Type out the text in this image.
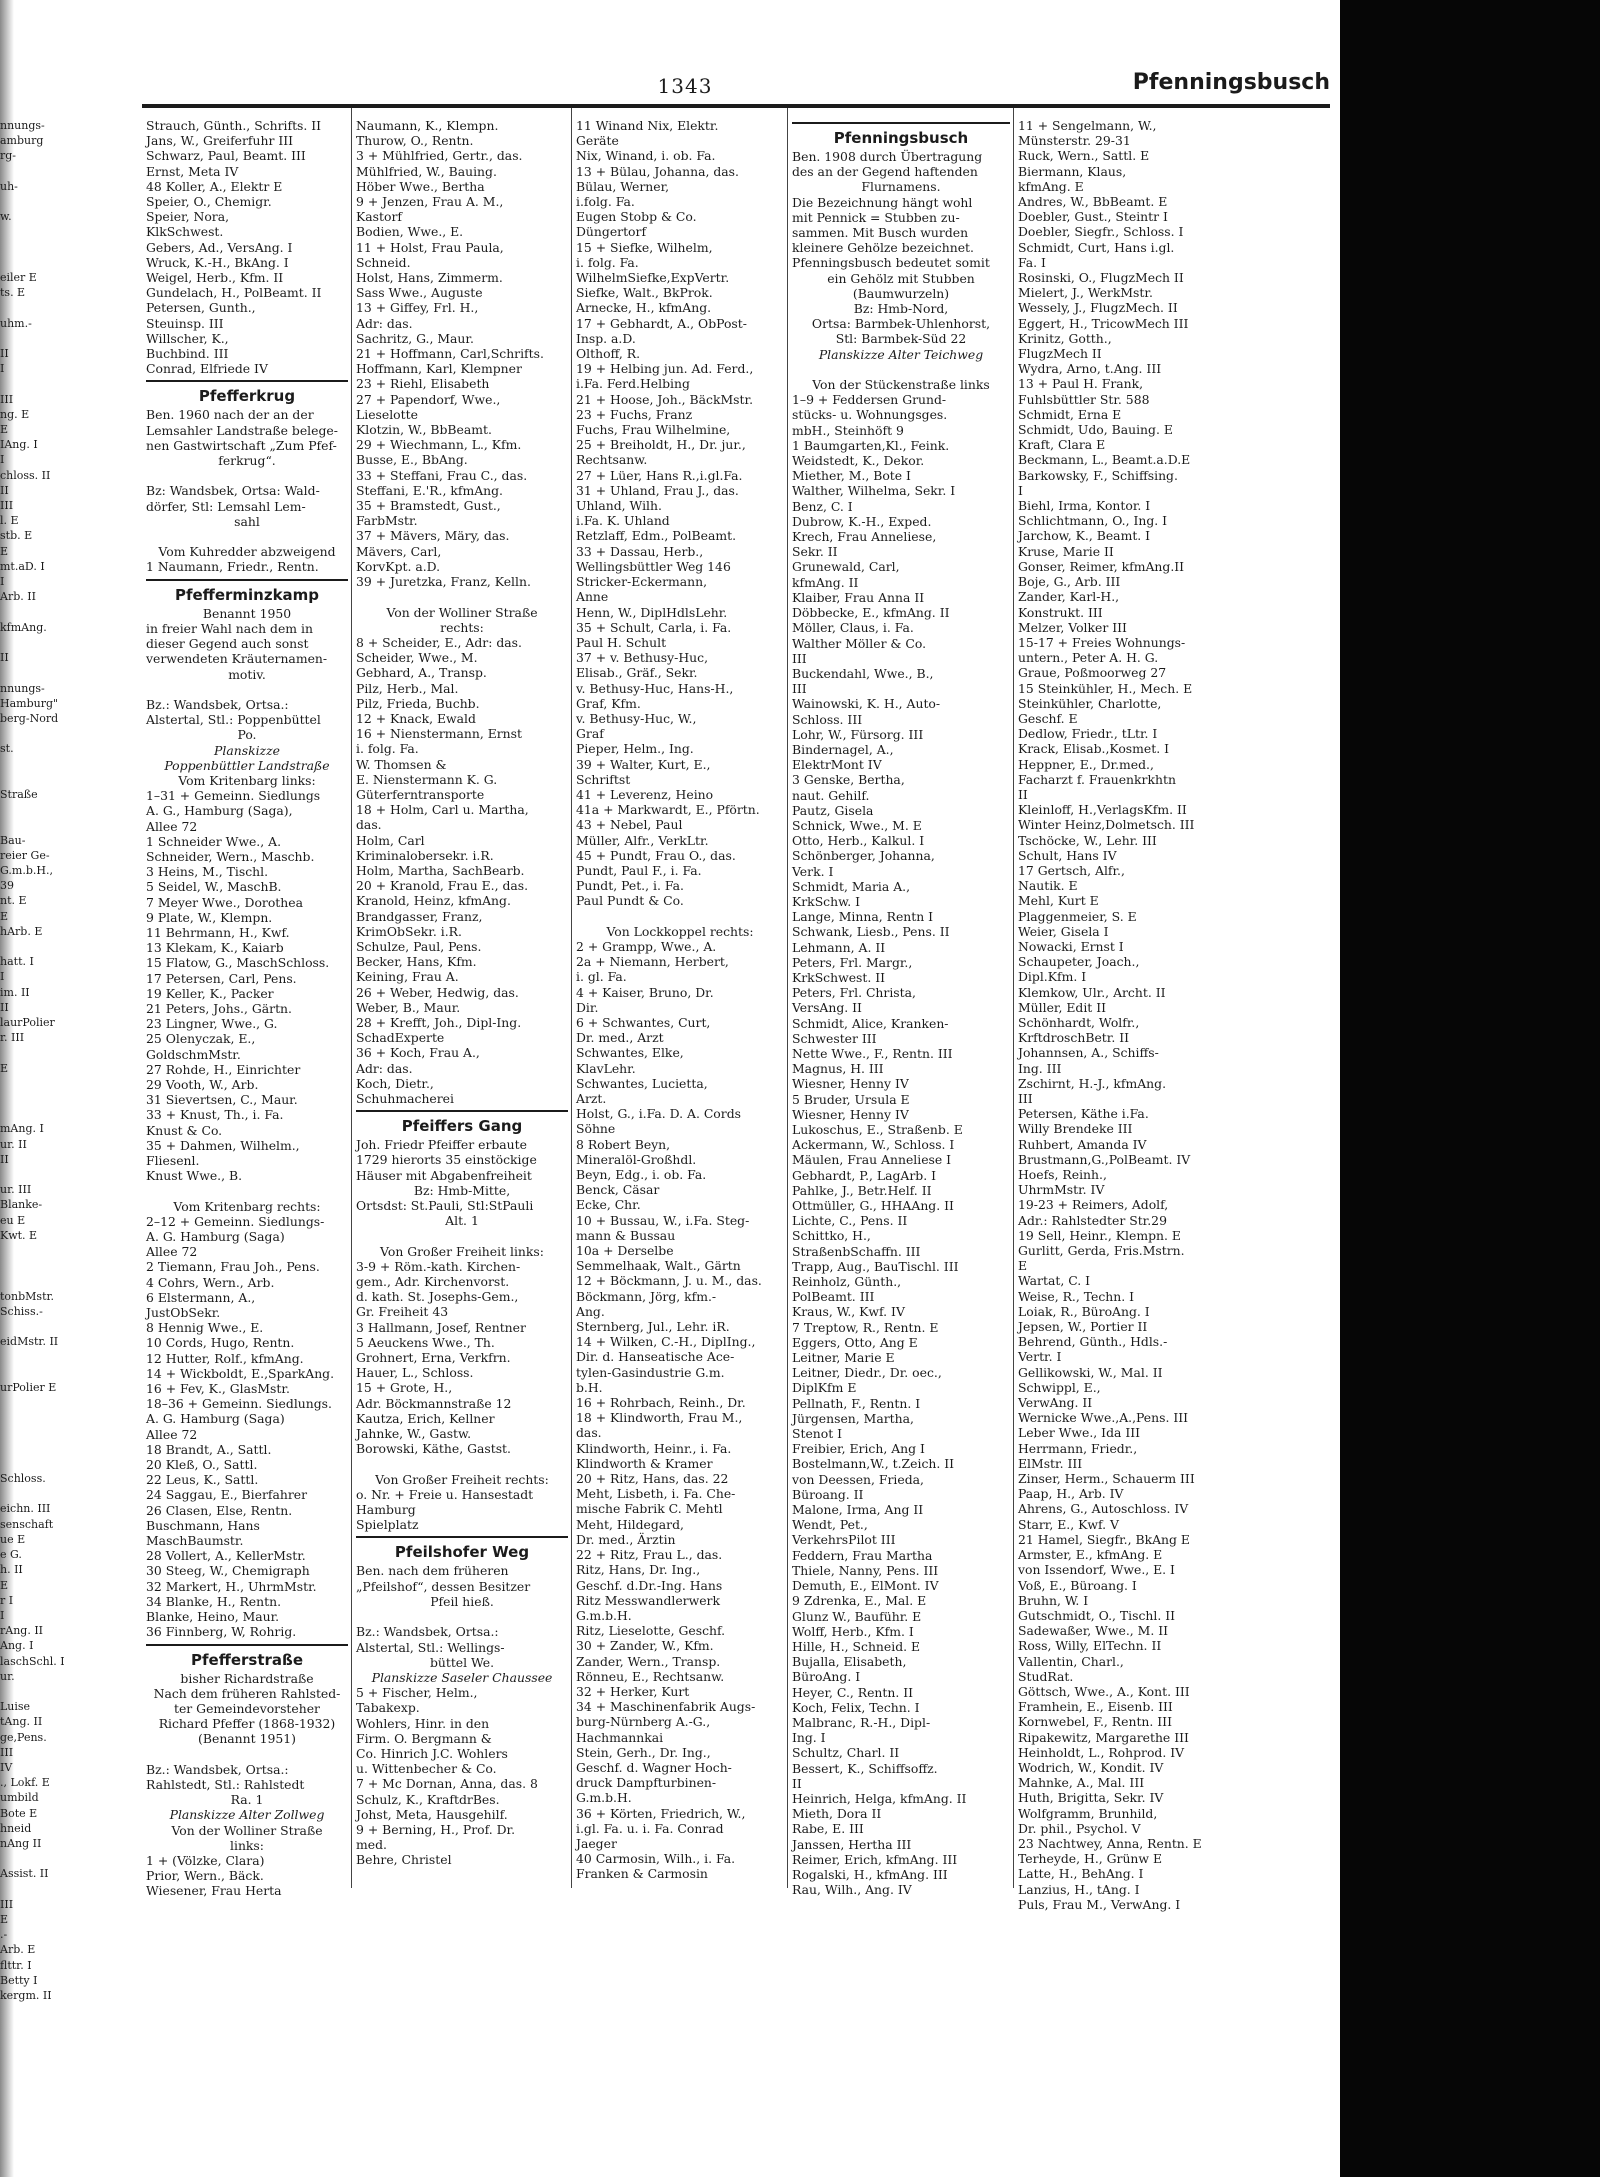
1343	Pfenningsbusch
nnungs-
amburg
rg-

uh-

w.

eiler E
ts. E

uhm.-

II
I

III
ng. E
E
IAng. I
I
chloss. II
II
III
l. E
stb. E
E
mt.aD. I
I
Arb. II

kfmAng.

II

nnungs-
Hamburg"
berg-Nord

st.

Straße

Bau-
reier Ge-
G.m.b.H.,
39
nt. E
E
hArb. E

hatt. I
I
im. II
II
laurPolier
r. III

E

mAng. I
ur. II
II

ur. III
Blanke-
eu E
Kwt. E

tonbMstr.
Schiss.-

eidMstr. II

urPolier E

Schloss.

eichn. III
senschaft
ue E
e G.
h. II
E
r I
I
rAng. II
Ang. I
laschSchl. I
ur.

Luise
tAng. II
ge,Pens.
III
IV
., Lokf. E
umbild
Bote E
hneid
nAng II

Assist. II

III
E
.-
Arb. E
flttr. I
Betty I
kergm. II
Strauch, Günth., Schrifts. II
Jans, W., Greiferfuhr III
Schwarz, Paul, Beamt. III
Ernst, Meta IV
48 Koller, A., Elektr E
Speier, O., Chemigr.
Speier, Nora,
KlkSchwest.
Gebers, Ad., VersAng. I
Wruck, K.-H., BkAng. I
Weigel, Herb., Kfm. II
Gundelach, H., PolBeamt. II
Petersen, Gunth.,
Steuinsp. III
Willscher, K.,
Buchbind. III
Conrad, Elfriede IV
Pfefferkrug
Ben. 1960 nach der an der
Lemsahler Landstraße belege-
nen Gastwirtschaft „Zum Pfef-
ferkrug“.

Bz: Wandsbek, Ortsa: Wald-
dörfer, Stl: Lemsahl Lem-
sahl

Vom Kuhredder abzweigend
1 Naumann, Friedr., Rentn.
Pfefferminzkamp
Benannt 1950
in freier Wahl nach dem in
dieser Gegend auch sonst
verwendeten Kräuternamen-
motiv.

Bz.: Wandsbek, Ortsa.:
Alstertal, Stl.: Poppenbüttel
Po.
Planskizze
Poppenbüttler Landstraße
Vom Kritenbarg links:
1–31 + Gemeinn. Siedlungs
A. G., Hamburg (Saga),
Allee 72
1 Schneider Wwe., A.
Schneider, Wern., Maschb.
3 Heins, M., Tischl.
5 Seidel, W., MaschB.
7 Meyer Wwe., Dorothea
9 Plate, W., Klempn.
11 Behrmann, H., Kwf.
13 Klekam, K., Kaiarb
15 Flatow, G., MaschSchloss.
17 Petersen, Carl, Pens.
19 Keller, K., Packer
21 Peters, Johs., Gärtn.
23 Lingner, Wwe., G.
25 Olenyczak, E.,
GoldschmMstr.
27 Rohde, H., Einrichter
29 Vooth, W., Arb.
31 Sievertsen, C., Maur.
33 + Knust, Th., i. Fa.
Knust & Co.
35 + Dahmen, Wilhelm.,
Fliesenl.
Knust Wwe., B.

Vom Kritenbarg rechts:
2–12 + Gemeinn. Siedlungs-
A. G. Hamburg (Saga)
Allee 72
2 Tiemann, Frau Joh., Pens.
4 Cohrs, Wern., Arb.
6 Elstermann, A.,
JustObSekr.
8 Hennig Wwe., E.
10 Cords, Hugo, Rentn.
12 Hutter, Rolf., kfmAng.
14 + Wickboldt, E.,SparkAng.
16 + Fev, K., GlasMstr.
18–36 + Gemeinn. Siedlungs.
A. G. Hamburg (Saga)
Allee 72
18 Brandt, A., Sattl.
20 Kleß, O., Sattl.
22 Leus, K., Sattl.
24 Saggau, E., Bierfahrer
26 Clasen, Else, Rentn.
Buschmann, Hans
MaschBaumstr.
28 Vollert, A., KellerMstr.
30 Steeg, W., Chemigraph
32 Markert, H., UhrmMstr.
34 Blanke, H., Rentn.
Blanke, Heino, Maur.
36 Finnberg, W, Rohrig.
Pfefferstraße
bisher Richardstraße
Nach dem früheren Rahlsted-
ter Gemeindevorsteher
Richard Pfeffer (1868-1932)
(Benannt 1951)

Bz.: Wandsbek, Ortsa.:
Rahlstedt, Stl.: Rahlstedt
Ra. 1
Planskizze Alter Zollweg
Von der Wolliner Straße
links:
1 + (Völzke, Clara)
Prior, Wern., Bäck.
Wiesener, Frau Herta
Naumann, K., Klempn.
Thurow, O., Rentn.
3 + Mühlfried, Gertr., das.
Mühlfried, W., Bauing.
Höber Wwe., Bertha
9 + Jenzen, Frau A. M.,
Kastorf
Bodien, Wwe., E.
11 + Holst, Frau Paula,
Schneid.
Holst, Hans, Zimmerm.
Sass Wwe., Auguste
13 + Giffey, Frl. H.,
Adr: das.
Sachritz, G., Maur.
21 + Hoffmann, Carl,Schrifts.
Hoffmann, Karl, Klempner
23 + Riehl, Elisabeth
27 + Papendorf, Wwe.,
Lieselotte
Klotzin, W., BbBeamt.
29 + Wiechmann, L., Kfm.
Busse, E., BbAng.
33 + Steffani, Frau C., das.
Steffani, E.'R., kfmAng.
35 + Bramstedt, Gust.,
FarbMstr.
37 + Mävers, Märy, das.
Mävers, Carl,
KorvKpt. a.D.
39 + Juretzka, Franz, Kelln.

Von der Wolliner Straße
rechts:
8 + Scheider, E., Adr: das.
Scheider, Wwe., M.
Gebhard, A., Transp.
Pilz, Herb., Mal.
Pilz, Frieda, Buchb.
12 + Knack, Ewald
16 + Nienstermann, Ernst
i. folg. Fa.
W. Thomsen &
E. Nienstermann K. G.
Güterferntransporte
18 + Holm, Carl u. Martha,
das.
Holm, Carl
Kriminalobersekr. i.R.
Holm, Martha, SachBearb.
20 + Kranold, Frau E., das.
Kranold, Heinz, kfmAng.
Brandgasser, Franz,
KrimObSekr. i.R.
Schulze, Paul, Pens.
Becker, Hans, Kfm.
Keining, Frau A.
26 + Weber, Hedwig, das.
Weber, B., Maur.
28 + Krefft, Joh., Dipl-Ing.
SchadExperte
36 + Koch, Frau A.,
Adr: das.
Koch, Dietr.,
Schuhmacherei
Pfeiffers Gang
Joh. Friedr Pfeiffer erbaute
1729 hierorts 35 einstöckige
Häuser mit Abgabenfreiheit
Bz: Hmb-Mitte,
Ortsdst: St.Pauli, Stl:StPauli
Alt. 1

Von Großer Freiheit links:
3-9 + Röm.-kath. Kirchen-
gem., Adr. Kirchenvorst.
d. kath. St. Josephs-Gem.,
Gr. Freiheit 43
3 Hallmann, Josef, Rentner
5 Aeuckens Wwe., Th.
Grohnert, Erna, Verkfrn.
Hauer, L., Schloss.
15 + Grote, H.,
Adr. Böckmannstraße 12
Kautza, Erich, Kellner
Jahnke, W., Gastw.
Borowski, Käthe, Gastst.

Von Großer Freiheit rechts:
o. Nr. + Freie u. Hansestadt
Hamburg
Spielplatz
Pfeilshofer Weg
Ben. nach dem früheren
„Pfeilshof“, dessen Besitzer
Pfeil hieß.

Bz.: Wandsbek, Ortsa.:
Alstertal, Stl.: Wellings-
büttel We.
Planskizze Saseler Chaussee
5 + Fischer, Helm.,
Tabakexp.
Wohlers, Hinr. in den
Firm. O. Bergmann &
Co. Hinrich J.C. Wohlers
u. Wittenbecher & Co.
7 + Mc Dornan, Anna, das. 8
Schulz, K., KraftdrBes.
Johst, Meta, Hausgehilf.
9 + Berning, H., Prof. Dr.
med.
Behre, Christel
11 Winand Nix, Elektr.
Geräte
Nix, Winand, i. ob. Fa.
13 + Bülau, Johanna, das.
Bülau, Werner,
i.folg. Fa.
Eugen Stobp & Co.
Düngertorf
15 + Siefke, Wilhelm,
i. folg. Fa.
WilhelmSiefke,ExpVertr.
Siefke, Walt., BkProk.
Arnecke, H., kfmAng.
17 + Gebhardt, A., ObPost-
Insp. a.D.
Olthoff, R.
19 + Helbing jun. Ad. Ferd.,
i.Fa. Ferd.Helbing
21 + Hoose, Joh., BäckMstr.
23 + Fuchs, Franz
Fuchs, Frau Wilhelmine,
25 + Breiholdt, H., Dr. jur.,
Rechtsanw.
27 + Lüer, Hans R.,i.gl.Fa.
31 + Uhland, Frau J., das.
Uhland, Wilh.
i.Fa. K. Uhland
Retzlaff, Edm., PolBeamt.
33 + Dassau, Herb.,
Wellingsbüttler Weg 146
Stricker-Eckermann,
Anne
Henn, W., DiplHdlsLehr.
35 + Schult, Carla, i. Fa.
Paul H. Schult
37 + v. Bethusy-Huc,
Elisab., Gräf., Sekr.
v. Bethusy-Huc, Hans-H.,
Graf, Kfm.
v. Bethusy-Huc, W.,
Graf
Pieper, Helm., Ing.
39 + Walter, Kurt, E.,
Schriftst
41 + Leverenz, Heino
41a + Markwardt, E., Pförtn.
43 + Nebel, Paul
Müller, Alfr., VerkLtr.
45 + Pundt, Frau O., das.
Pundt, Paul F., i. Fa.
Pundt, Pet., i. Fa.
Paul Pundt & Co.

Von Lockkoppel rechts:
2 + Grampp, Wwe., A.
2a + Niemann, Herbert,
i. gl. Fa.
4 + Kaiser, Bruno, Dr.
Dir.
6 + Schwantes, Curt,
Dr. med., Arzt
Schwantes, Elke,
KlavLehr.
Schwantes, Lucietta,
Arzt.
Holst, G., i.Fa. D. A. Cords
Söhne
8 Robert Beyn,
Mineralöl-Großhdl.
Beyn, Edg., i. ob. Fa.
Benck, Cäsar
Ecke, Chr.
10 + Bussau, W., i.Fa. Steg-
mann & Bussau
10a + Derselbe
Semmelhaak, Walt., Gärtn
12 + Böckmann, J. u. M., das.
Böckmann, Jörg, kfm.-
Ang.
Sternberg, Jul., Lehr. iR.
14 + Wilken, C.-H., DiplIng.,
Dir. d. Hanseatische Ace-
tylen-Gasindustrie G.m.
b.H.
16 + Rohrbach, Reinh., Dr.
18 + Klindworth, Frau M.,
das.
Klindworth, Heinr., i. Fa.
Klindworth & Kramer
20 + Ritz, Hans, das. 22
Meht, Lisbeth, i. Fa. Che-
mische Fabrik C. Mehtl
Meht, Hildegard,
Dr. med., Ärztin
22 + Ritz, Frau L., das.
Ritz, Hans, Dr. Ing.,
Geschf. d.Dr.-Ing. Hans
Ritz Messwandlerwerk
G.m.b.H.
Ritz, Lieselotte, Geschf.
30 + Zander, W., Kfm.
Zander, Wern., Transp.
Rönneu, E., Rechtsanw.
32 + Herker, Kurt
34 + Maschinenfabrik Augs-
burg-Nürnberg A.-G.,
Hachmannkai
Stein, Gerh., Dr. Ing.,
Geschf. d. Wagner Hoch-
druck Dampfturbinen-
G.m.b.H.
36 + Körten, Friedrich, W.,
i.gl. Fa. u. i. Fa. Conrad
Jaeger
40 Carmosin, Wilh., i. Fa.
Franken & Carmosin
Pfenningsbusch
Ben. 1908 durch Übertragung
des an der Gegend haftenden
Flurnamens.
Die Bezeichnung hängt wohl
mit Pennick = Stubben zu-
sammen. Mit Busch wurden
kleinere Gehölze bezeichnet.
Pfenningsbusch bedeutet somit
ein Gehölz mit Stubben
(Baumwurzeln)
Bz: Hmb-Nord,
Ortsa: Barmbek-Uhlenhorst,
Stl: Barmbek-Süd 22
Planskizze Alter Teichweg

Von der Stückenstraße links
1–9 + Feddersen Grund-
stücks- u. Wohnungsges.
mbH., Steinhöft 9
1 Baumgarten,Kl., Feink.
Weidstedt, K., Dekor.
Miether, M., Bote I
Walther, Wilhelma, Sekr. I
Benz, C. I
Dubrow, K.-H., Exped.
Krech, Frau Anneliese,
Sekr. II
Grunewald, Carl,
kfmAng. II
Klaiber, Frau Anna II
Döbbecke, E., kfmAng. II
Möller, Claus, i. Fa.
Walther Möller & Co.
III
Buckendahl, Wwe., B.,
III
Wainowski, K. H., Auto-
Schloss. III
Lohr, W., Fürsorg. III
Bindernagel, A.,
ElektrMont IV
3 Genske, Bertha,
naut. Gehilf.
Pautz, Gisela
Schnick, Wwe., M. E
Otto, Herb., Kalkul. I
Schönberger, Johanna,
Verk. I
Schmidt, Maria A.,
KrkSchw. I
Lange, Minna, Rentn I
Schwank, Liesb., Pens. II
Lehmann, A. II
Peters, Frl. Margr.,
KrkSchwest. II
Peters, Frl. Christa,
VersAng. II
Schmidt, Alice, Kranken-
Schwester III
Nette Wwe., F., Rentn. III
Magnus, H. III
Wiesner, Henny IV
5 Bruder, Ursula E
Wiesner, Henny IV
Lukoschus, E., Straßenb. E
Ackermann, W., Schloss. I
Mäulen, Frau Anneliese I
Gebhardt, P., LagArb. I
Pahlke, J., Betr.Helf. II
Ottmüller, G., HHAAng. II
Lichte, C., Pens. II
Schittko, H.,
StraßenbSchaffn. III
Trapp, Aug., BauTischl. III
Reinholz, Günth.,
PolBeamt. III
Kraus, W., Kwf. IV
7 Treptow, R., Rentn. E
Eggers, Otto, Ang E
Leitner, Marie E
Leitner, Diedr., Dr. oec.,
DiplKfm E
Pellnath, F., Rentn. I
Jürgensen, Martha,
Stenot I
Freibier, Erich, Ang I
Bostelmann,W., t.Zeich. II
von Deessen, Frieda,
Büroang. II
Malone, Irma, Ang II
Wendt, Pet.,
VerkehrsPilot III
Feddern, Frau Martha
Thiele, Nanny, Pens. III
Demuth, E., ElMont. IV
9 Zdrenka, E., Mal. E
Glunz W., Bauführ. E
Wolff, Herb., Kfm. I
Hille, H., Schneid. E
Bujalla, Elisabeth,
BüroAng. I
Heyer, C., Rentn. II
Koch, Felix, Techn. I
Malbranc, R.-H., Dipl-
Ing. I
Schultz, Charl. II
Bessert, K., Schiffsoffz.
II
Heinrich, Helga, kfmAng. II
Mieth, Dora II
Rabe, E. III
Janssen, Hertha III
Reimer, Erich, kfmAng. III
Rogalski, H., kfmAng. III
Rau, Wilh., Ang. IV
11 + Sengelmann, W.,
Münsterstr. 29-31
Ruck, Wern., Sattl. E
Biermann, Klaus,
kfmAng. E
Andres, W., BbBeamt. E
Doebler, Gust., Steintr I
Doebler, Siegfr., Schloss. I
Schmidt, Curt, Hans i.gl.
Fa. I
Rosinski, O., FlugzMech II
Mielert, J., WerkMstr.
Wessely, J., FlugzMech. II
Eggert, H., TricowMech III
Krinitz, Gotth.,
FlugzMech II
Wydra, Arno, t.Ang. III
13 + Paul H. Frank,
Fuhlsbüttler Str. 588
Schmidt, Erna E
Schmidt, Udo, Bauing. E
Kraft, Clara E
Beckmann, L., Beamt.a.D.E
Barkowsky, F., Schiffsing.
I
Biehl, Irma, Kontor. I
Schlichtmann, O., Ing. I
Jarchow, K., Beamt. I
Kruse, Marie II
Gonser, Reimer, kfmAng.II
Boje, G., Arb. III
Zander, Karl-H.,
Konstrukt. III
Melzer, Volker III
15-17 + Freies Wohnungs-
untern., Peter A. H. G.
Graue, Poßmoorweg 27
15 Steinkühler, H., Mech. E
Steinkühler, Charlotte,
Geschf. E
Dedlow, Friedr., tLtr. I
Krack, Elisab.,Kosmet. I
Heppner, E., Dr.med.,
Facharzt f. Frauenkrkhtn
II
Kleinloff, H.,VerlagsKfm. II
Winter Heinz,Dolmetsch. III
Tschöcke, W., Lehr. III
Schult, Hans IV
17 Gertsch, Alfr.,
Nautik. E
Mehl, Kurt E
Plaggenmeier, S. E
Weier, Gisela I
Nowacki, Ernst I
Schaupeter, Joach.,
Dipl.Kfm. I
Klemkow, Ulr., Archt. II
Müller, Edit II
Schönhardt, Wolfr.,
KrftdroschBetr. II
Johannsen, A., Schiffs-
Ing. III
Zschirnt, H.-J., kfmAng.
III
Petersen, Käthe i.Fa.
Willy Brendeke III
Ruhbert, Amanda IV
Brustmann,G.,PolBeamt. IV
Hoefs, Reinh.,
UhrmMstr. IV
19-23 + Reimers, Adolf,
Adr.: Rahlstedter Str.29
19 Sell, Heinr., Klempn. E
Gurlitt, Gerda, Fris.Mstrn.
E
Wartat, C. I
Weise, R., Techn. I
Loiak, R., BüroAng. I
Jepsen, W., Portier II
Behrend, Günth., Hdls.-
Vertr. I
Gellikowski, W., Mal. II
Schwippl, E.,
VerwAng. II
Wernicke Wwe.,A.,Pens. III
Leber Wwe., Ida III
Herrmann, Friedr.,
ElMstr. III
Zinser, Herm., Schauerm III
Paap, H., Arb. IV
Ahrens, G., Autoschloss. IV
Starr, E., Kwf. V
21 Hamel, Siegfr., BkAng E
Armster, E., kfmAng. E
von Issendorf, Wwe., E. I
Voß, E., Büroang. I
Bruhn, W. I
Gutschmidt, O., Tischl. II
Sadewaßer, Wwe., M. II
Ross, Willy, ElTechn. II
Vallentin, Charl.,
StudRat.
Göttsch, Wwe., A., Kont. III
Framhein, E., Eisenb. III
Kornwebel, F., Rentn. III
Ripakewitz, Margarethe III
Heinholdt, L., Rohprod. IV
Wodrich, W., Kondit. IV
Mahnke, A., Mal. III
Huth, Brigitta, Sekr. IV
Wolfgramm, Brunhild,
Dr. phil., Psychol. V
23 Nachtwey, Anna, Rentn. E
Terheyde, H., Grünw E
Latte, H., BehAng. I
Lanzius, H., tAng. I
Puls, Frau M., VerwAng. I
